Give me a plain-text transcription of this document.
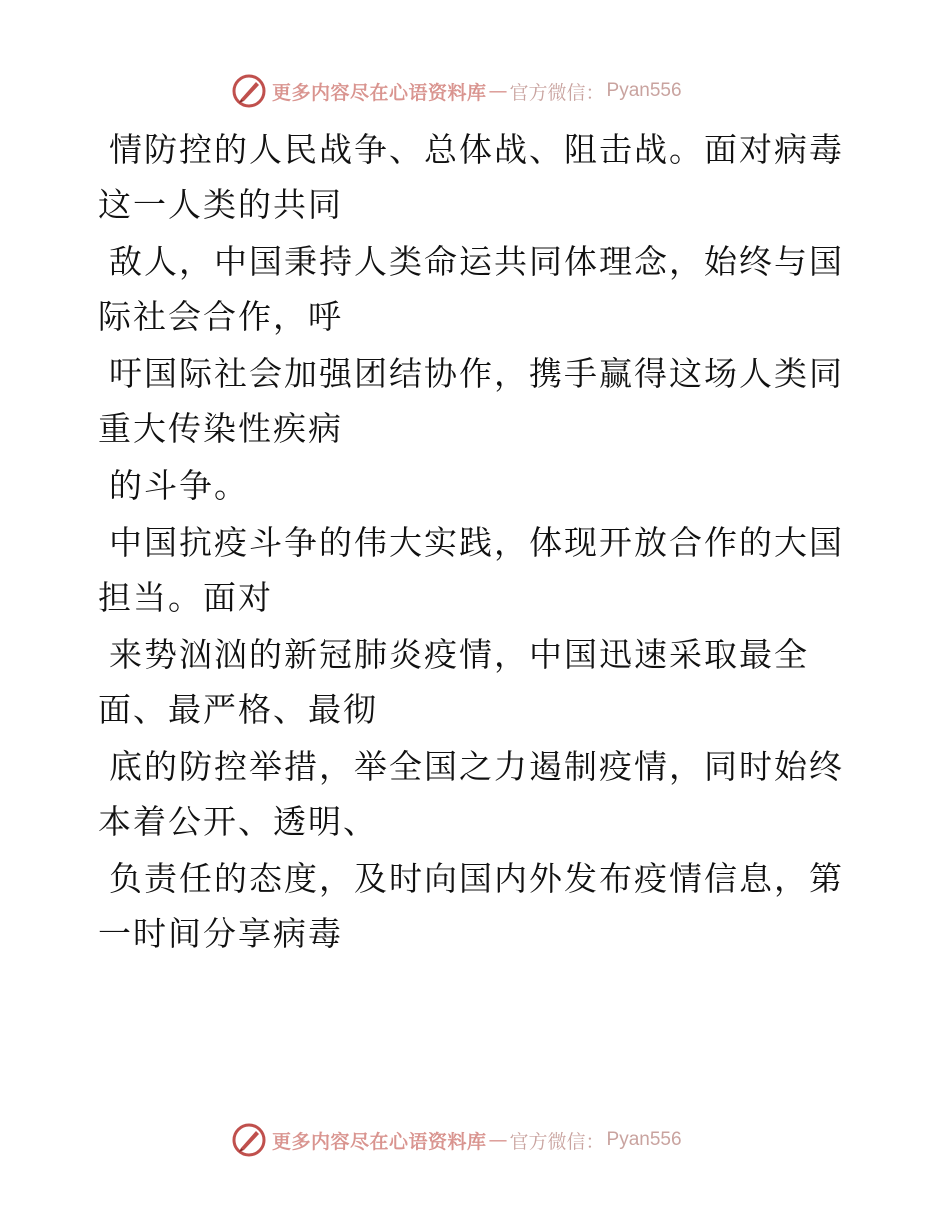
更多内容尽在心语资料库 — 官方微信： Pyan556
情防控的人民战争、总体战、阻击战。面对病毒
这一人类的共同
敌人，中国秉持人类命运共同体理念，始终与国
际社会合作，呼
吁国际社会加强团结协作，携手赢得这场人类同
重大传染性疾病
的斗争。
中国抗疫斗争的伟大实践，体现开放合作的大国
担当。面对
来势汹汹的新冠肺炎疫情，中国迅速采取最全
面、最严格、最彻
底的防控举措，举全国之力遏制疫情，同时始终
本着公开、透明、
负责任的态度，及时向国内外发布疫情信息，第
一时间分享病毒
更多内容尽在心语资料库 — 官方微信： Pyan556
